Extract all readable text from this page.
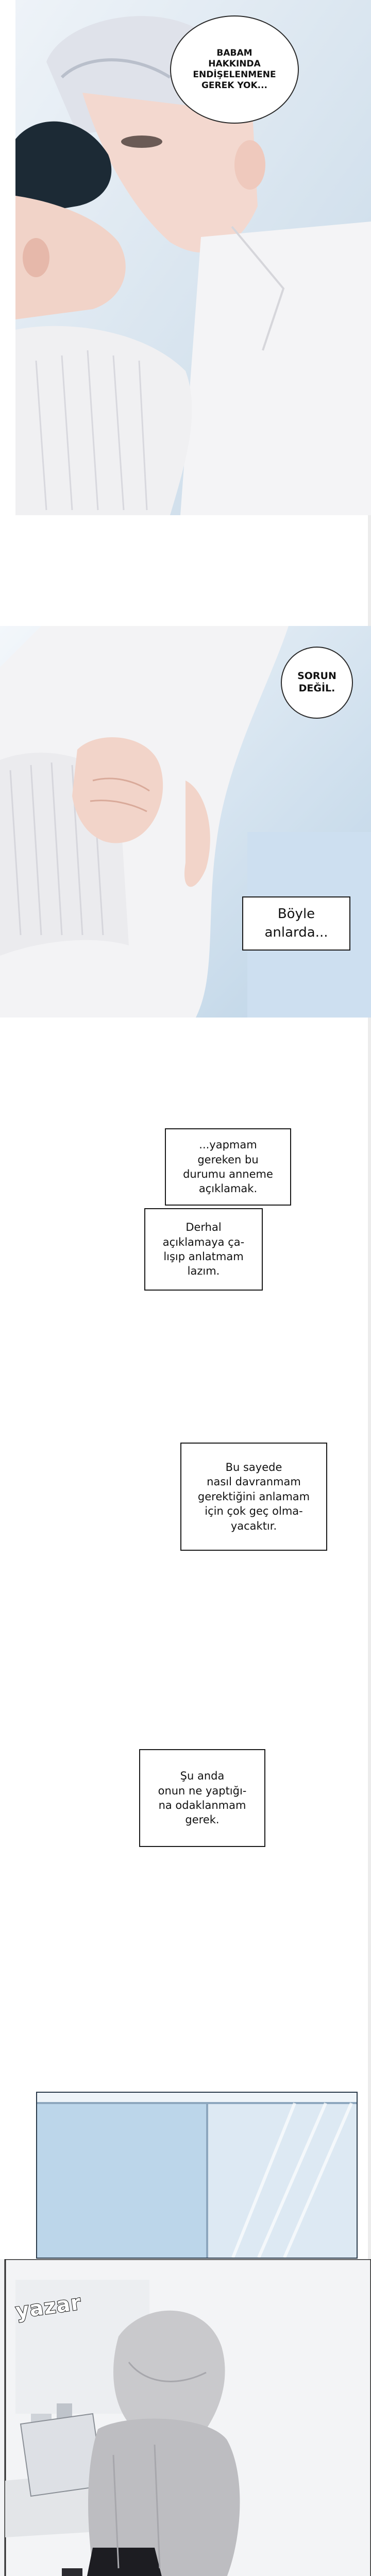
BABAM
HAKKINDA
ENDİŞELENMENE
GEREK YOK...
SORUN
DEĞİL.
Böyle
anlarda...
...yapmam
gereken bu
durumu anneme
açıklamak.
Derhal
açıklamaya ça-
lışıp anlatmam
lazım.
Bu sayede
nasıl davranmam
gerektiğini anlamam
için çok geç olma-
yacaktır.
Şu anda
onun ne yaptığı-
na odaklanmam
gerek.
yazar
